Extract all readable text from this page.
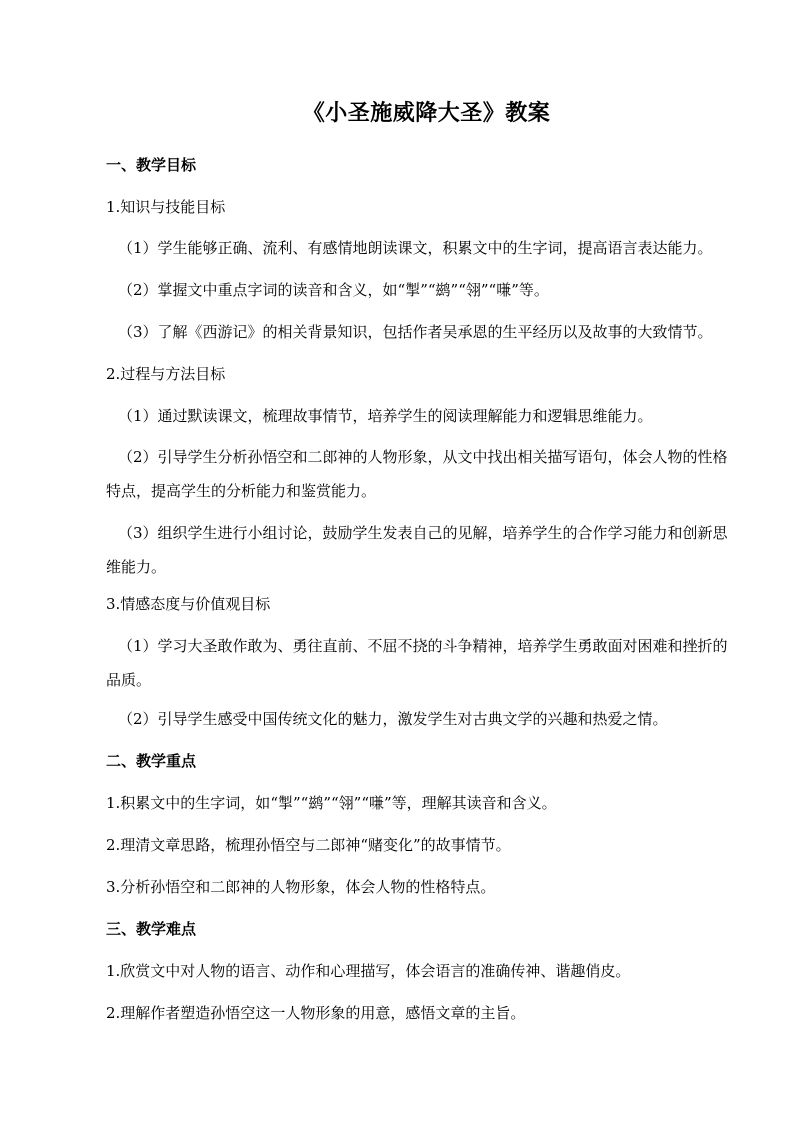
《小圣施威降大圣》教案
一、教学目标
1.知识与技能目标
（1）学生能够正确、流利、有感情地朗读课文，积累文中的生字词，提高语言表达能力。
（2）掌握文中重点字词的读音和含义，如“掣”“鹚”“翎”“嗛”等。
（3）了解《西游记》的相关背景知识，包括作者吴承恩的生平经历以及故事的大致情节。
2.过程与方法目标
（1）通过默读课文，梳理故事情节，培养学生的阅读理解能力和逻辑思维能力。
（2）引导学生分析孙悟空和二郎神的人物形象，从文中找出相关描写语句，体会人物的性格特点，提高学生的分析能力和鉴赏能力。
（3）组织学生进行小组讨论，鼓励学生发表自己的见解，培养学生的合作学习能力和创新思维能力。
3.情感态度与价值观目标
（1）学习大圣敢作敢为、勇往直前、不屈不挠的斗争精神，培养学生勇敢面对困难和挫折的品质。
（2）引导学生感受中国传统文化的魅力，激发学生对古典文学的兴趣和热爱之情。
二、教学重点
1.积累文中的生字词，如“掣”“鹚”“翎”“嗛”等，理解其读音和含义。
2.理清文章思路，梳理孙悟空与二郎神“赌变化”的故事情节。
3.分析孙悟空和二郎神的人物形象，体会人物的性格特点。
三、教学难点
1.欣赏文中对人物的语言、动作和心理描写，体会语言的准确传神、谐趣俏皮。
2.理解作者塑造孙悟空这一人物形象的用意，感悟文章的主旨。
